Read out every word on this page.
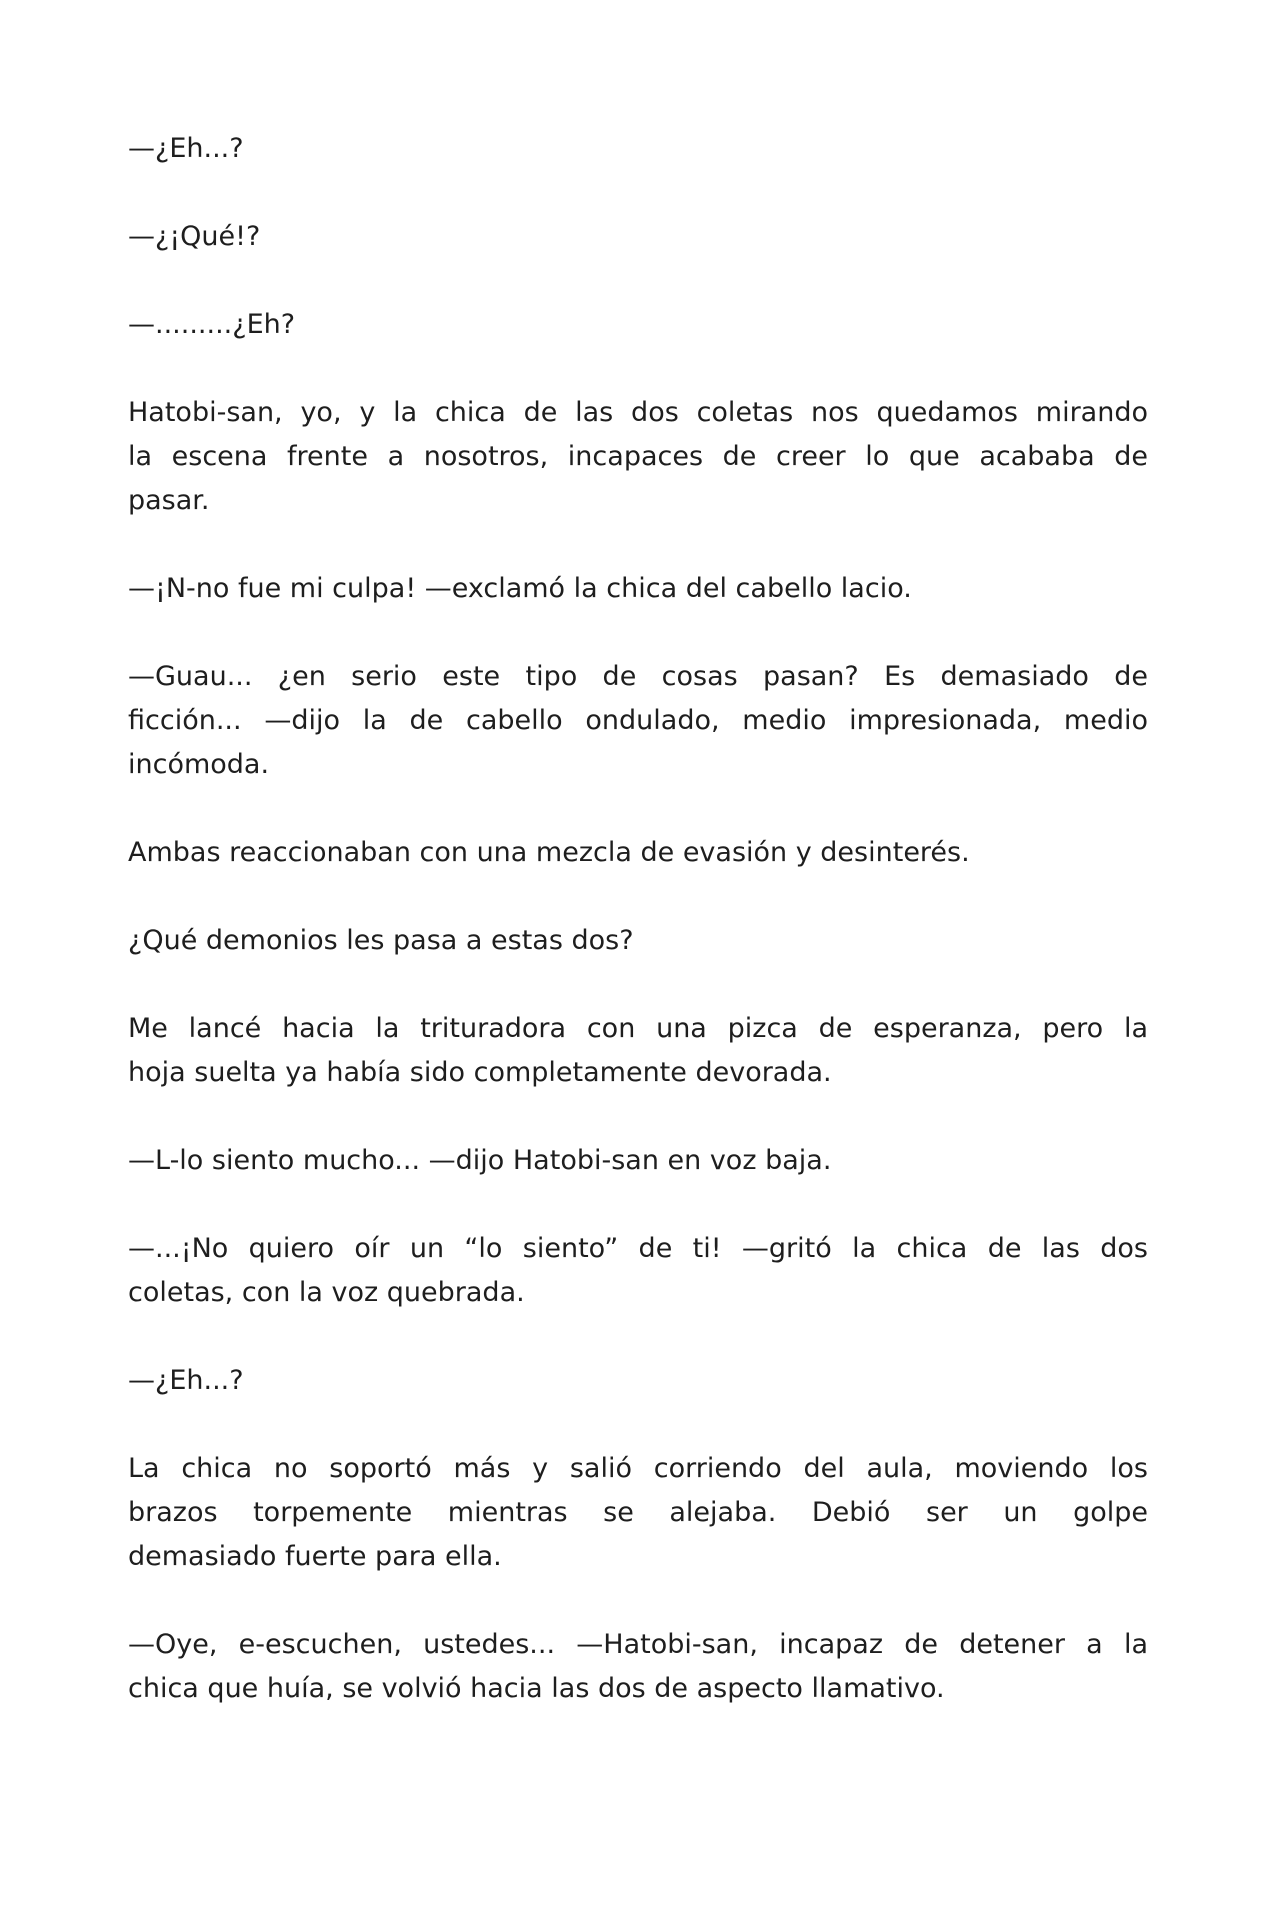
—¿Eh...?

—¿¡Qué!?

—.........¿Eh?

Hatobi-san, yo, y la chica de las dos coletas nos quedamos mirando
la escena frente a nosotros, incapaces de creer lo que acababa de
pasar.

—¡N-no fue mi culpa! —exclamó la chica del cabello lacio.

—Guau... ¿en serio este tipo de cosas pasan? Es demasiado de
ficción... —dijo la de cabello ondulado, medio impresionada, medio
incómoda.

Ambas reaccionaban con una mezcla de evasión y desinterés.

¿Qué demonios les pasa a estas dos?

Me lancé hacia la trituradora con una pizca de esperanza, pero la
hoja suelta ya había sido completamente devorada.

—L-lo siento mucho... —dijo Hatobi-san en voz baja.

—...¡No quiero oír un “lo siento” de ti! —gritó la chica de las dos
coletas, con la voz quebrada.

—¿Eh...?

La chica no soportó más y salió corriendo del aula, moviendo los
brazos torpemente mientras se alejaba. Debió ser un golpe
demasiado fuerte para ella.

—Oye, e-escuchen, ustedes... —Hatobi-san, incapaz de detener a la
chica que huía, se volvió hacia las dos de aspecto llamativo.
